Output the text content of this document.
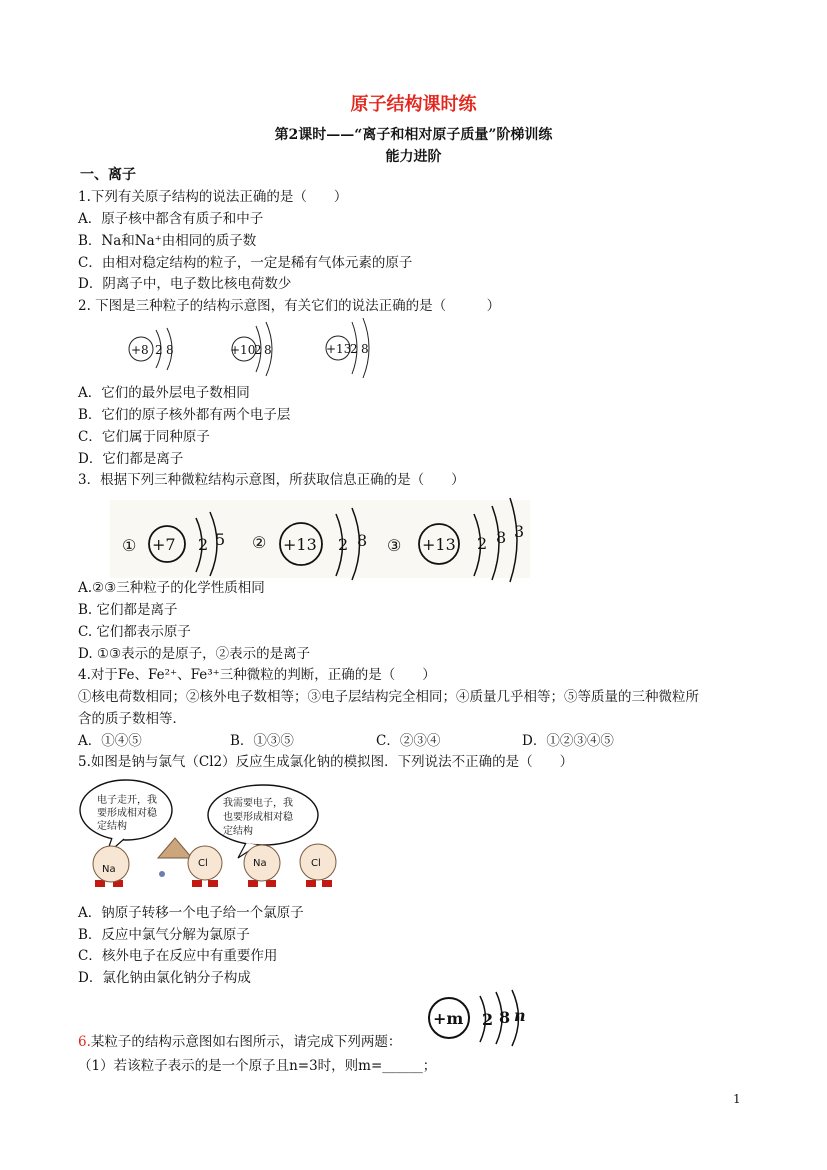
原子结构课时练
第2课时——“离子和相对原子质量”阶梯训练
能力进阶
一、离子
1.下列有关原子结构的说法正确的是（　　）
A．原子核中都含有质子和中子
B．Na和Na⁺由相同的质子数
C．由相对稳定结构的粒子，一定是稀有气体元素的原子
D．阴离子中，电子数比核电荷数少
2. 下图是三种粒子的结构示意图，有关它们的说法正确的是（　　　）
+8 2 8	+10
2 8	+13
2 8
A．它们的最外层电子数相同
B．它们的原子核外都有两个电子层
C．它们属于同种原子
D．它们都是离子
3．根据下列三种微粒结构示意图，所获取信息正确的是（　　）
① +7 2 5 ② +13 2 8 ③ +13 2 8 3
A.②③三种粒子的化学性质相同
B. 它们都是离子
C. 它们都表示原子
D. ①③表示的是原子，②表示的是离子
4.对于Fe、Fe²⁺、Fe³⁺三种微粒的判断，正确的是（　　）
①核电荷数相同；②核外电子数相等；③电子层结构完全相同；④质量几乎相等；⑤等质量的三种微粒所
含的质子数相等．
A．①④⑤	B．①③⑤	C．②③④	D．①②③④⑤
5.如图是钠与氯气（Cl2）反应生成氯化钠的模拟图．下列说法不正确的是（　　）
电子走开，我
要形成相对稳
定结构
我需要电子，我
也要形成相对稳
定结构
Na
Cl	Na	Cl
A．钠原子转移一个电子给一个氯原子
B．反应中氯气分解为氯原子
C．核外电子在反应中有重要作用
D．氯化钠由氯化钠分子构成
6.某粒子的结构示意图如右图所示，请完成下列两题：
+m 2 8 n
（1）若该粒子表示的是一个原子且n=3时，则m=______；
1
